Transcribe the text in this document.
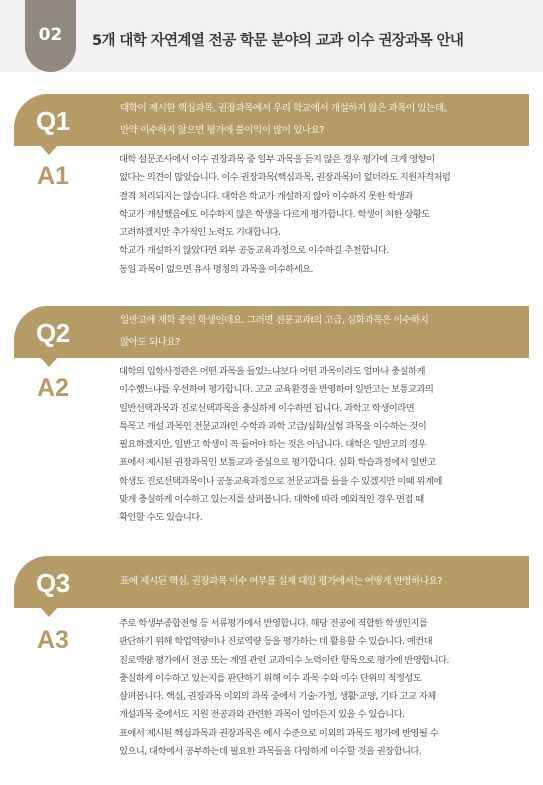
02 5개 대학 자연계열 전공 학문 분야의 교과 이수 권장과목 안내
Q1	대학이 제시한 핵심과목, 권장과목에서 우리 학교에서 개설하지 않은 과목이 있는데,
만약 이수하지 않으면 평가에 불이익이 많이 있나요?
A1
대학 설문조사에서 이수 권장과목 중 일부 과목을 듣지 않은 경우 평가에 크게 영향이
없다는 의견이 많았습니다. 이수 권장과목(핵심과목, 권장과목)이 없더라도 지원자격처럼
결격 처리되지는 않습니다. 대학은 학교가 개설하지 않아 이수하지 못한 학생과
학교가 개설했음에도 이수하지 않은 학생을 다르게 평가합니다. 학생이 처한 상황도
고려하겠지만 추가적인 노력도 기대합니다.
학교가 개설하지 않았다면 외부 공동교육과정으로 이수하길 추천합니다.
동일 과목이 없으면 유사 명칭의 과목을 이수하세요.
Q2	일반고에 재학 중인 학생인데요. 그러면 전문교과Ⅰ의 고급, 심화과목은 이수하지
않아도 되나요?
A2
대학의 입학사정관은 어떤 과목을 들었느냐보다 어떤 과목이라도 얼마나 충실하게
이수했느냐를 우선하여 평가합니다. 고교 교육환경을 반영하여 일반고는 보통교과의
일반선택과목과 진로선택과목을 충실하게 이수하면 됩니다. 과학고 학생이라면
특목고 개설 과목인 전문교과Ⅰ인 수학과 과학 고급/심화/실험 과목을 이수하는 것이
필요하겠지만, 일반고 학생이 꼭 들어야 하는 것은 아닙니다. 대학은 일반고의 경우
표에서 제시된 권장과목인 보통교과 중심으로 평가합니다. 심화 학습과정에서 일반고
학생도 진로선택과목이나 공동교육과정으로 전문교과를 들을 수 있겠지만 이때 위계에
맞게 충실하게 이수하고 있는지를 살펴봅니다. 대학에 따라 예외적인 경우 면접 때
확인할 수도 있습니다.
Q3	표에 제시된 핵심, 권장과목 이수 여부를 실제 대입 평가에서는 어떻게 반영하나요?
A3
주로 학생부종합전형 등 서류평가에서 반영합니다. 해당 전공에 적합한 학생인지를
판단하기 위해 학업역량이나 진로역량 등을 평가하는 데 활용할 수 있습니다. 예컨대
진로역량 평가에서 전공 또는 계열 관련 교과이수 노력이란 항목으로 평가에 반영합니다.
충실하게 이수하고 있는지를 판단하기 위해 이수 과목 수와 이수 단위의 적정성도
살펴봅니다. 핵심, 권장과목 이외의 과목 중에서 기술·가정, 생활·교양, 기타 고교 자체
개설과목 중에서도 지원 전공과와 관련한 과목이 얼마든지 있을 수 있습니다.
표에서 제시된 핵심과목과 권장과목은 예시 수준으로 이외의 과목도 평가에 반영될 수
있으니, 대학에서 공부하는데 필요한 과목들을 다양하게 이수할 것을 권장합니다.
